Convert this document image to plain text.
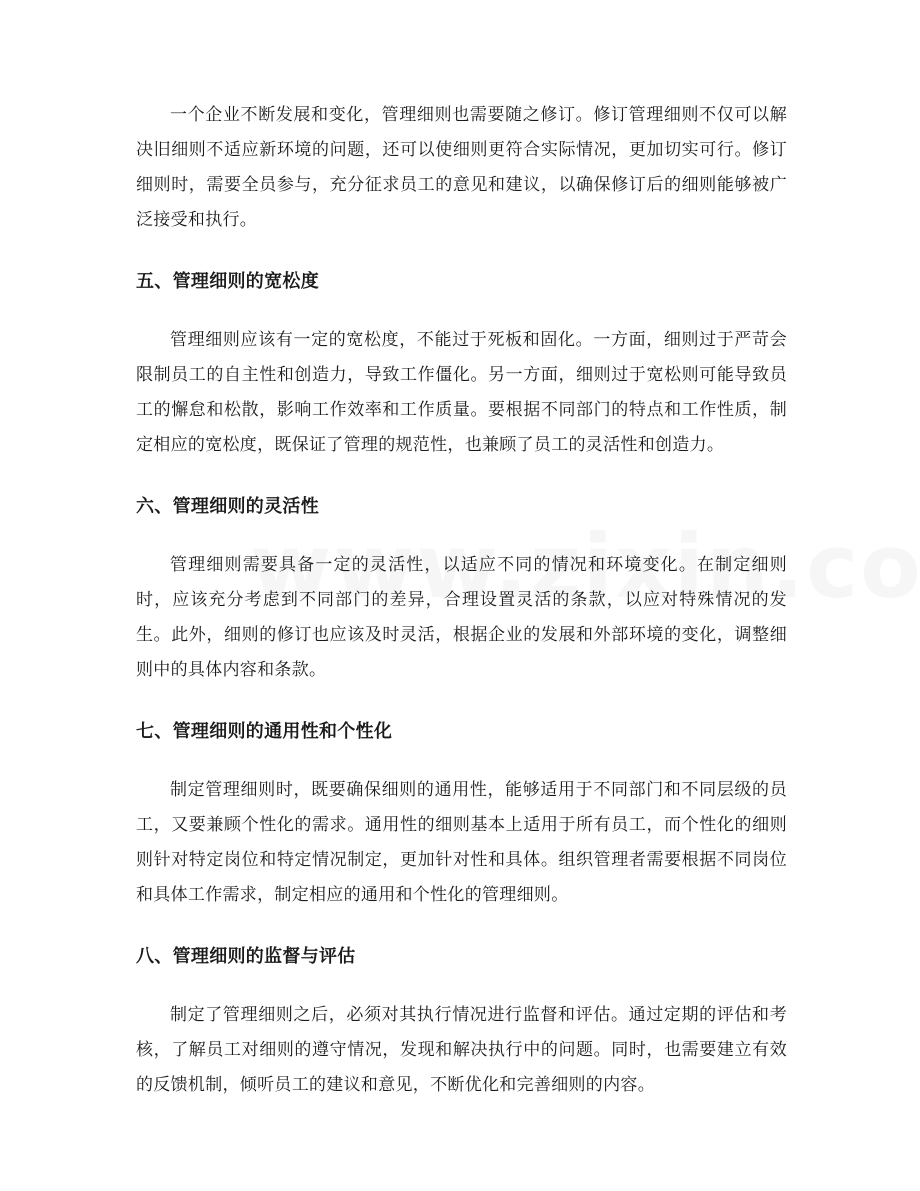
一个企业不断发展和变化，管理细则也需要随之修订。修订管理细则不仅可以解决旧细则不适应新环境的问题，还可以使细则更符合实际情况，更加切实可行。修订细则时，需要全员参与，充分征求员工的意见和建议，以确保修订后的细则能够被广泛接受和执行。

五、管理细则的宽松度

管理细则应该有一定的宽松度，不能过于死板和固化。一方面，细则过于严苛会限制员工的自主性和创造力，导致工作僵化。另一方面，细则过于宽松则可能导致员工的懈怠和松散，影响工作效率和工作质量。要根据不同部门的特点和工作性质，制定相应的宽松度，既保证了管理的规范性，也兼顾了员工的灵活性和创造力。

六、管理细则的灵活性

管理细则需要具备一定的灵活性，以适应不同的情况和环境变化。在制定细则时，应该充分考虑到不同部门的差异，合理设置灵活的条款，以应对特殊情况的发生。此外，细则的修订也应该及时灵活，根据企业的发展和外部环境的变化，调整细则中的具体内容和条款。

七、管理细则的通用性和个性化

制定管理细则时，既要确保细则的通用性，能够适用于不同部门和不同层级的员工，又要兼顾个性化的需求。通用性的细则基本上适用于所有员工，而个性化的细则则针对特定岗位和特定情况制定，更加针对性和具体。组织管理者需要根据不同岗位和具体工作需求，制定相应的通用和个性化的管理细则。

八、管理细则的监督与评估

制定了管理细则之后，必须对其执行情况进行监督和评估。通过定期的评估和考核，了解员工对细则的遵守情况，发现和解决执行中的问题。同时，也需要建立有效的反馈机制，倾听员工的建议和意见，不断优化和完善细则的内容。
